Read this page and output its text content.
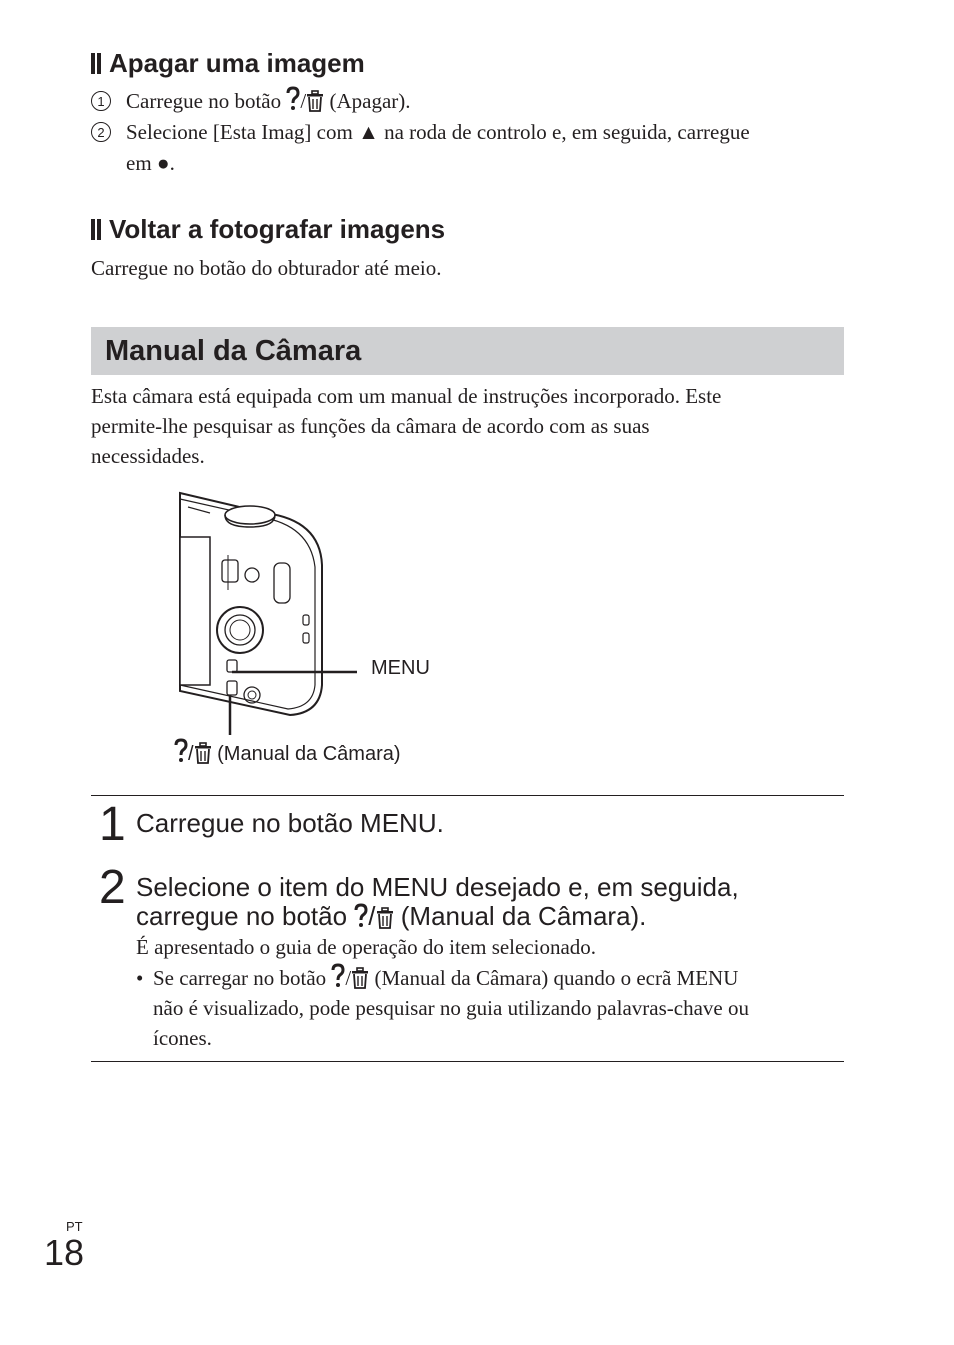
Apagar uma imagem
1	Carregue no botão / (Apagar).
2	Selecione [Esta Imag] com ▲ na roda de controlo e, em seguida, carregue
em ●.
Voltar a fotografar imagens
Carregue no botão do obturador até meio.
Manual da Câmara
Esta câmara está equipada com um manual de instruções incorporado. Este
permite-lhe pesquisar as funções da câmara de acordo com as suas
necessidades.
MENU
/ (Manual da Câmara)
1 Carregue no botão MENU.
2 Selecione o item do MENU desejado e, em seguida,
carregue no botão / (Manual da Câmara).
É apresentado o guia de operação do item selecionado.
• Se carregar no botão / (Manual da Câmara) quando o ecrã MENU
não é visualizado, pode pesquisar no guia utilizando palavras-chave ou
ícones.
PT
18
